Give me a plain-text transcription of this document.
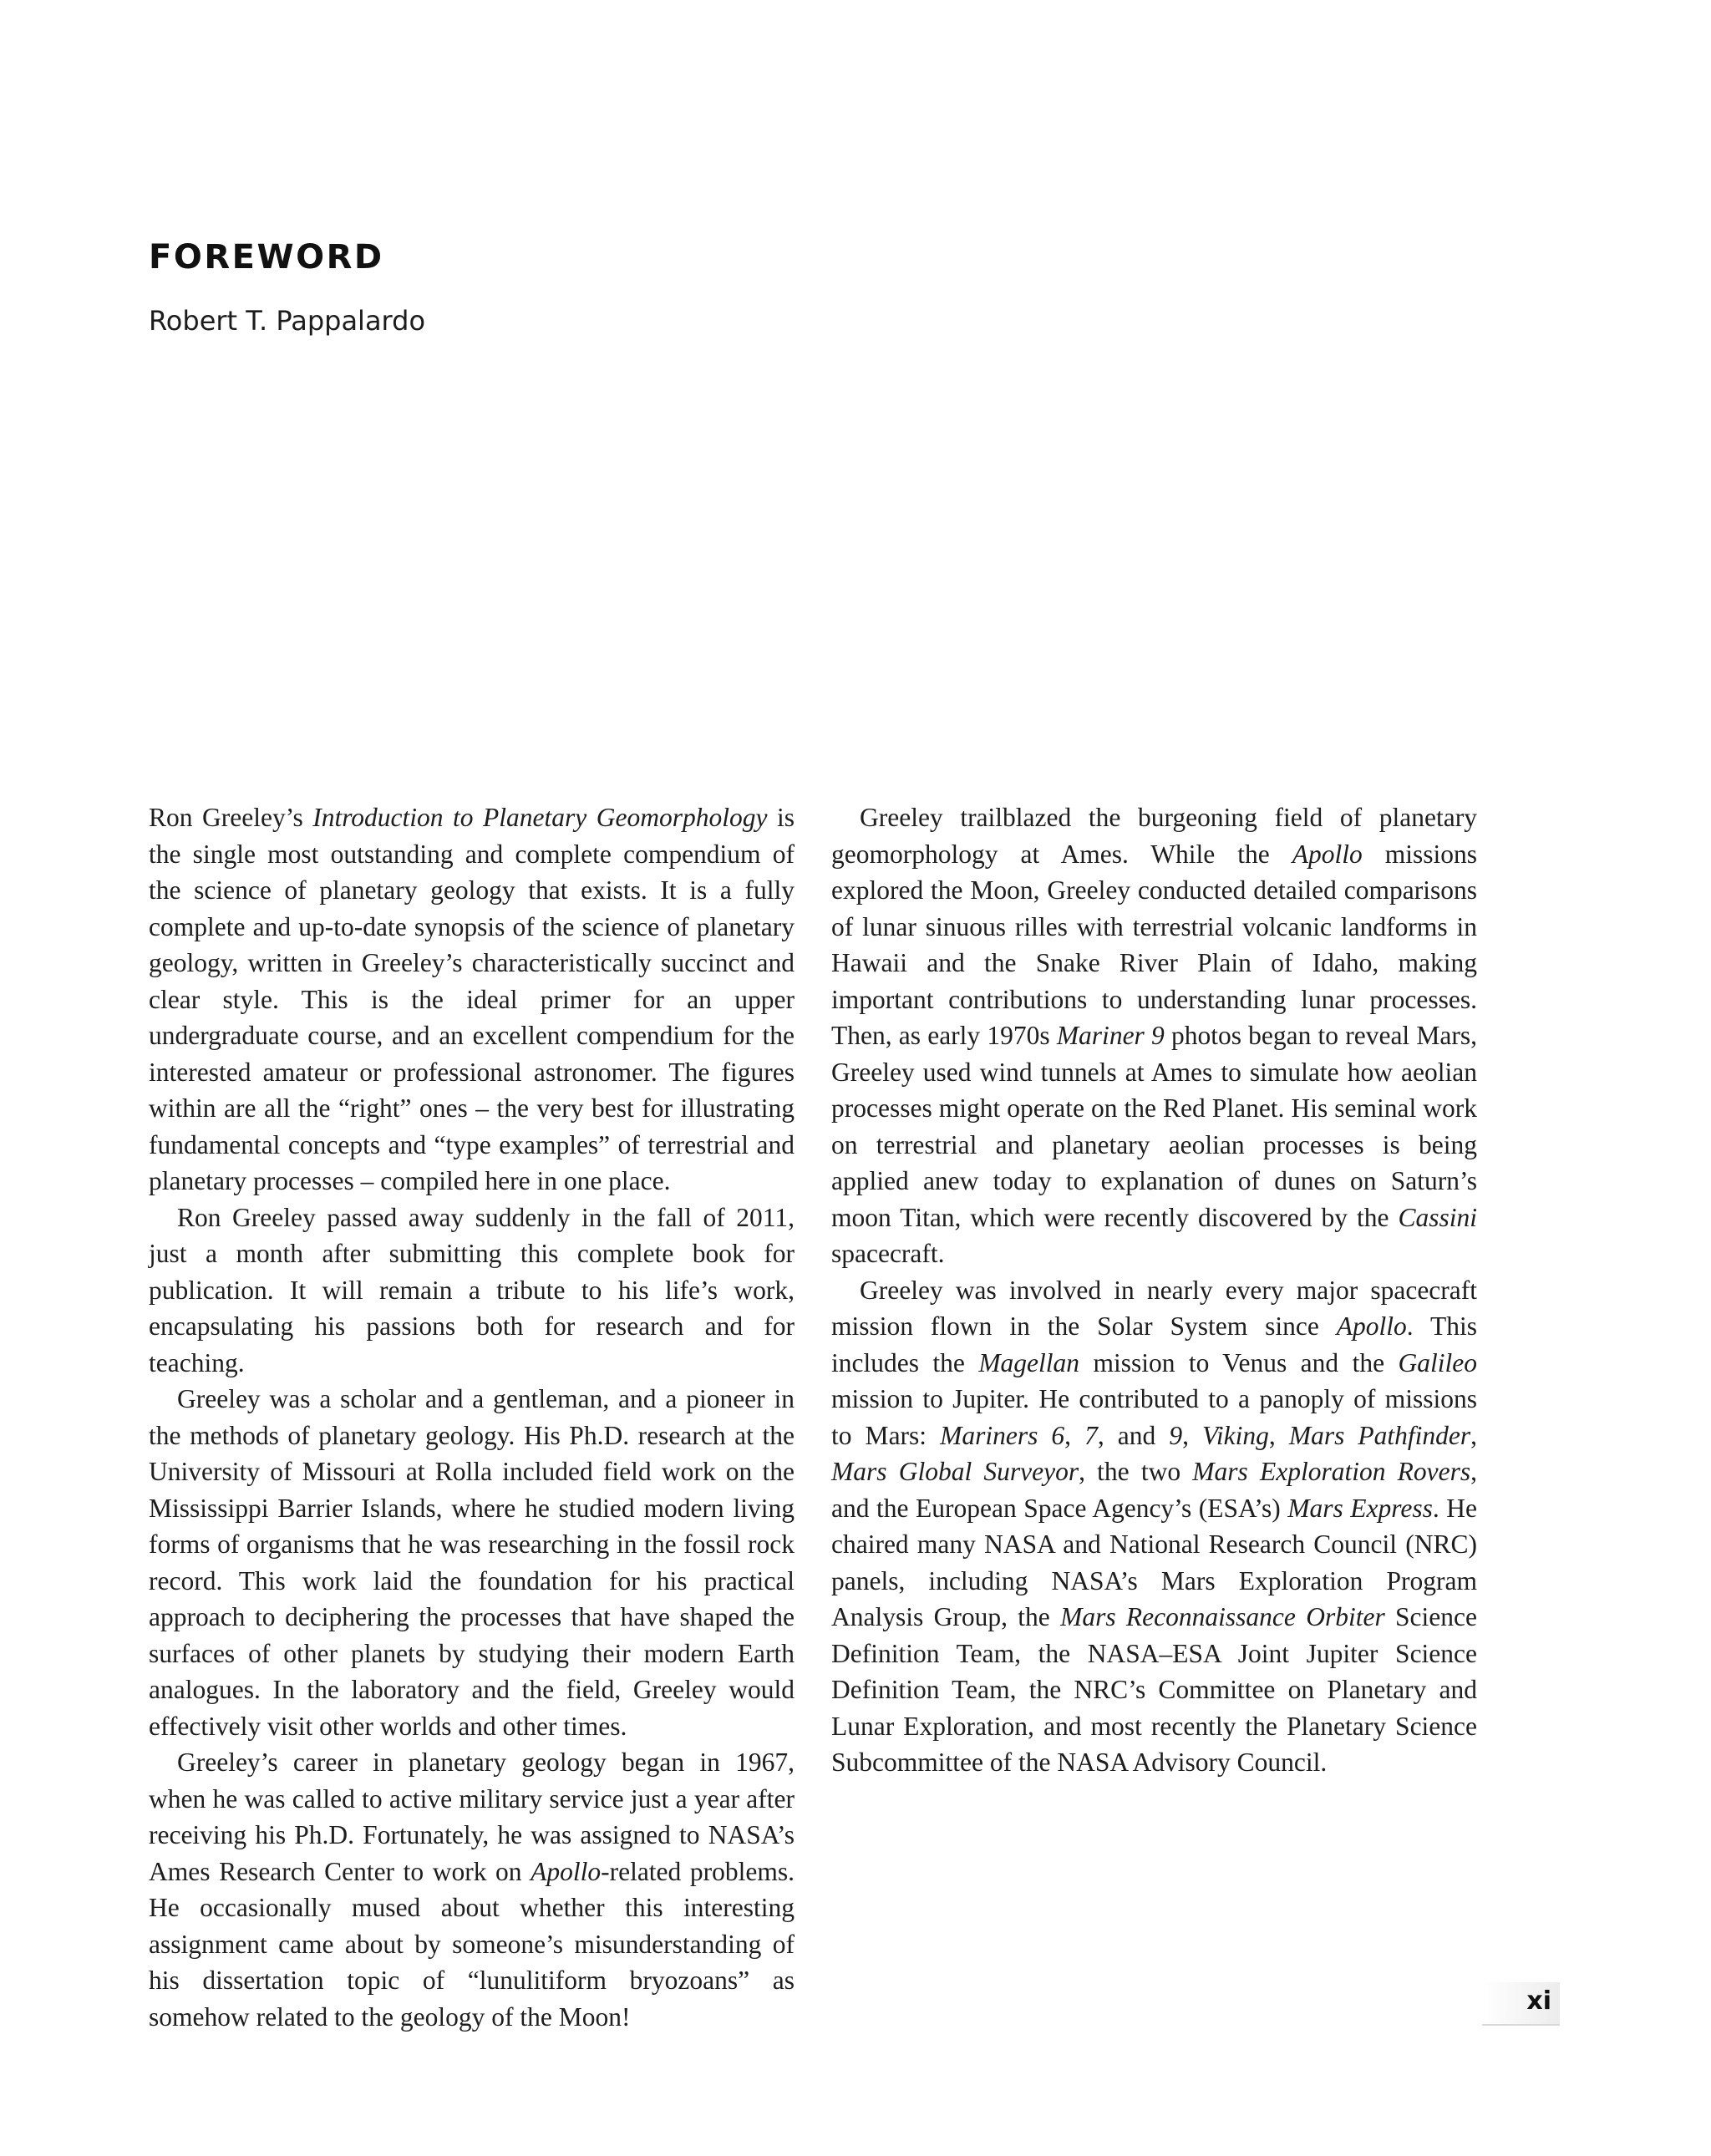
FOREWORD
Robert T. Pappalardo

Ron Greeley’s Introduction to Planetary Geomorphology is the single most outstanding and complete compendium of the science of planetary geology that exists. It is a fully complete and up-to-date synopsis of the science of planetary geology, written in Greeley’s characteristically succinct and clear style. This is the ideal primer for an upper undergraduate course, and an excellent compendium for the interested amateur or professional astronomer. The figures within are all the “right” ones – the very best for illustrating fundamental concepts and “type examples” of terrestrial and planetary processes – compiled here in one place.

Ron Greeley passed away suddenly in the fall of 2011, just a month after submitting this complete book for publication. It will remain a tribute to his life’s work, encapsulating his passions both for research and for teaching.

Greeley was a scholar and a gentleman, and a pioneer in the methods of planetary geology. His Ph.D. research at the University of Missouri at Rolla included field work on the Mississippi Barrier Islands, where he studied modern living forms of organisms that he was researching in the fossil rock record. This work laid the foundation for his practical approach to deciphering the processes that have shaped the surfaces of other planets by studying their modern Earth analogues. In the laboratory and the field, Greeley would effectively visit other worlds and other times.

Greeley’s career in planetary geology began in 1967, when he was called to active military service just a year after receiving his Ph.D. Fortunately, he was assigned to NASA’s Ames Research Center to work on Apollo-related problems. He occasionally mused about whether this interesting assignment came about by someone’s misunderstanding of his dissertation topic of “lunulitiform bryozoans” as somehow related to the geology of the Moon!

Greeley trailblazed the burgeoning field of planetary geomorphology at Ames. While the Apollo missions explored the Moon, Greeley conducted detailed comparisons of lunar sinuous rilles with terrestrial volcanic landforms in Hawaii and the Snake River Plain of Idaho, making important contributions to understanding lunar processes. Then, as early 1970s Mariner 9 photos began to reveal Mars, Greeley used wind tunnels at Ames to simulate how aeolian processes might operate on the Red Planet. His seminal work on terrestrial and planetary aeolian processes is being applied anew today to explanation of dunes on Saturn’s moon Titan, which were recently discovered by the Cassini spacecraft.

Greeley was involved in nearly every major spacecraft mission flown in the Solar System since Apollo. This includes the Magellan mission to Venus and the Galileo mission to Jupiter. He contributed to a panoply of missions to Mars: Mariners 6, 7, and 9, Viking, Mars Pathfinder, Mars Global Surveyor, the two Mars Exploration Rovers, and the European Space Agency’s (ESA’s) Mars Express. He chaired many NASA and National Research Council (NRC) panels, including NASA’s Mars Exploration Program Analysis Group, the Mars Reconnaissance Orbiter Science Definition Team, the NASA–ESA Joint Jupiter Science Definition Team, the NRC’s Committee on Planetary and Lunar Exploration, and most recently the Planetary Science Subcommittee of the NASA Advisory Council.

xi
